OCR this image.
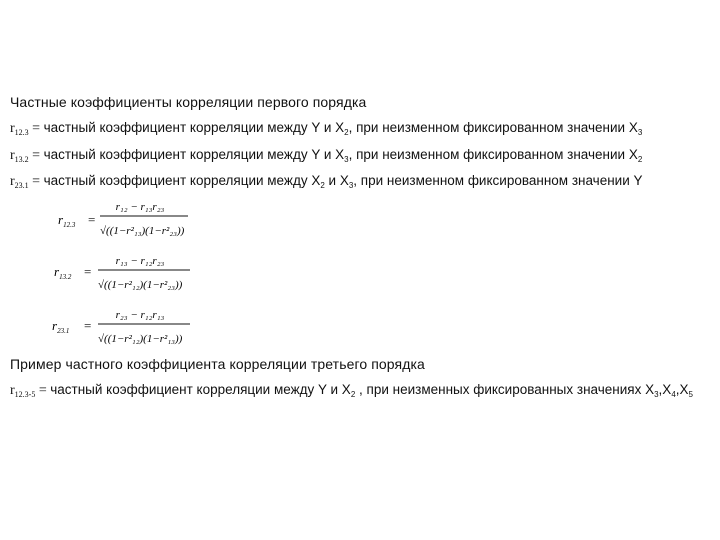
Частные коэффициенты корреляции первого порядка
$r_{12.3}$ = частный коэффициент корреляции между Y и $X_2$, при неизменном фиксированном значении $X_3$
$r_{13.2}$ = частный коэффициент корреляции между Y и $X_3$, при неизменном фиксированном значении $X_2$
$r_{23.1}$ = частный коэффициент корреляции между $X_2$ и $X_3$, при неизменном фиксированном значении Y
$r_{12.3}$ =
r₁₂ − r₁₃r₂₃
√((1−r²₁₃)(1−r²₂₃))
$r_{13.2}$ =
r₁₃ − r₁₂r₂₃
√((1−r²₁₂)(1−r²₂₃))
$r_{23.1}$ =
r₂₃ − r₁₂r₁₃
√((1−r²₁₂)(1−r²₁₃))
Пример частного коэффициента корреляции третьего порядка
$r_{12.3-5}$ = частный коэффициент корреляции между Y и $X_2$ , при неизменных фиксированных значениях $X_3,X_4,X_5$
